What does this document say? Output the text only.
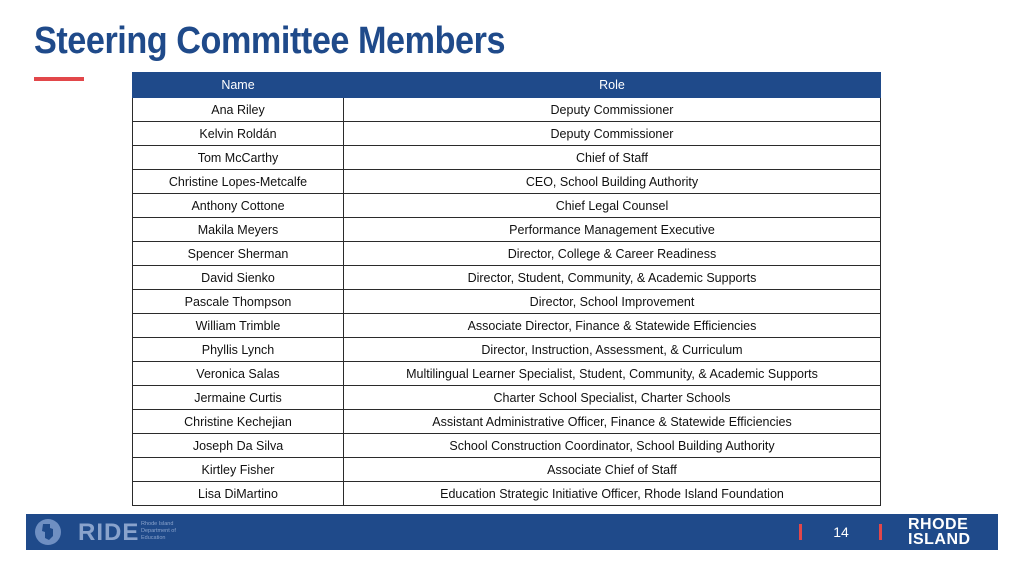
Steering Committee Members
Name	Role
Ana Riley	Deputy Commissioner
Kelvin Roldán	Deputy Commissioner
Tom McCarthy	Chief of Staff
Christine Lopes-Metcalfe	CEO, School Building Authority
Anthony Cottone	Chief Legal Counsel
Makila Meyers	Performance Management Executive
Spencer Sherman	Director, College & Career Readiness
David Sienko	Director, Student, Community, & Academic Supports
Pascale Thompson	Director, School Improvement
William Trimble	Associate Director, Finance & Statewide Efficiencies
Phyllis Lynch	Director, Instruction, Assessment, & Curriculum
Veronica Salas	Multilingual Learner Specialist, Student, Community, & Academic Supports
Jermaine Curtis	Charter School Specialist, Charter Schools
Christine Kechejian	Assistant Administrative Officer, Finance & Statewide Efficiencies
Joseph Da Silva	School Construction Coordinator, School Building Authority
Kirtley Fisher	Associate Chief of Staff
Lisa DiMartino	Education Strategic Initiative Officer, Rhode Island Foundation
RIDE Rhode Island Department of Education	14	RHODE
ISLAND
